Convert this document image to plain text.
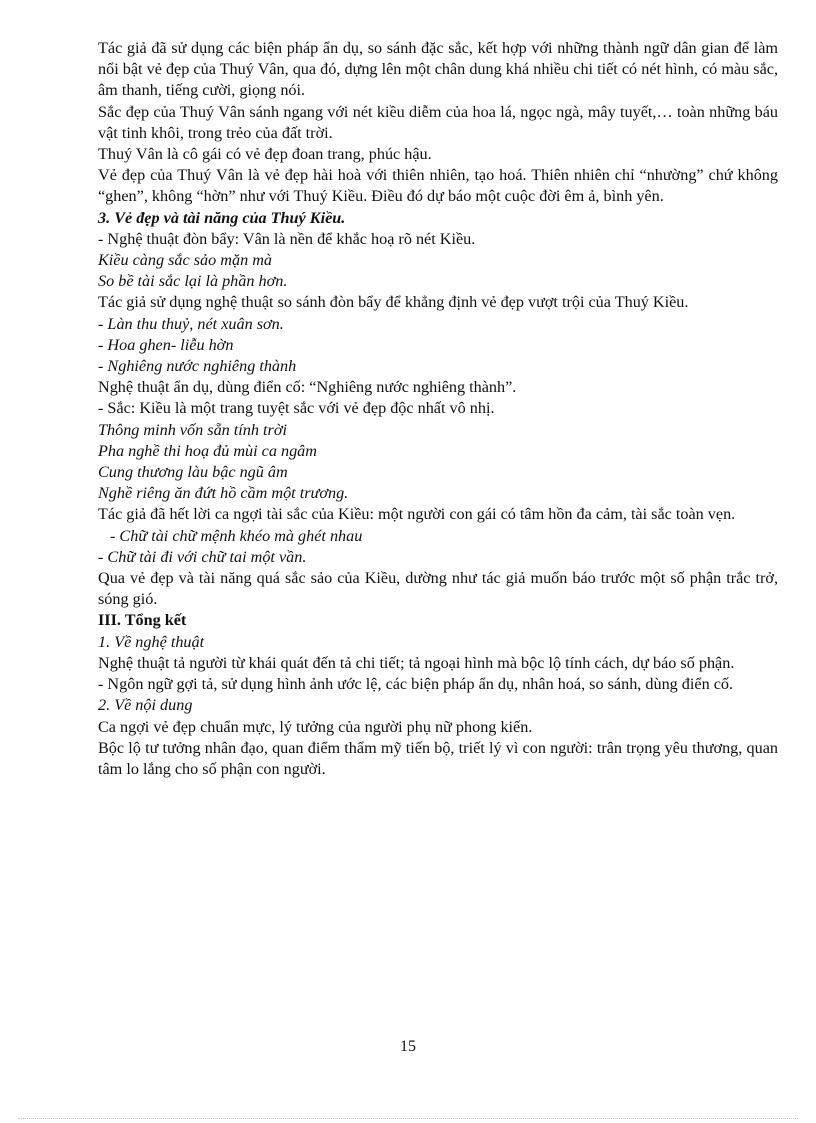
Tác giả đã sử dụng các biện pháp ẩn dụ, so sánh đặc sắc, kết hợp với những thành ngữ dân gian để làm nổi bật vẻ đẹp của Thuý Vân, qua đó, dựng lên một chân dung khá nhiều chi tiết có nét hình, có màu sắc, âm thanh, tiếng cười, giọng nói.

Sắc đẹp của Thuý Vân sánh ngang với nét kiều diễm của hoa lá, ngọc ngà, mây tuyết,… toàn những báu vật tinh khôi, trong trẻo của đất trời.

Thuý Vân là cô gái có vẻ đẹp đoan trang, phúc hậu.

Vẻ đẹp của Thuý Vân là vẻ đẹp hài hoà với thiên nhiên, tạo hoá. Thiên nhiên chỉ “nhường” chứ không “ghen”, không “hờn” như với Thuý Kiều. Điều đó dự báo một cuộc đời êm ả, bình yên.

3. Vẻ đẹp và tài năng của Thuý Kiều.

- Nghệ thuật đòn bẩy: Vân là nền để khắc hoạ rõ nét Kiều.

Kiều càng sắc sảo mặn mà

So bề tài sắc lại là phần hơn.

Tác giả sử dụng nghệ thuật so sánh đòn bẩy để khẳng định vẻ đẹp vượt trội của Thuý Kiều.

- Làn thu thuỷ, nét xuân sơn.

- Hoa ghen- liễu hờn

- Nghiêng nước nghiêng thành

Nghệ thuật ẩn dụ, dùng điển cố: “Nghiêng nước nghiêng thành”.

- Sắc: Kiều là một trang tuyệt sắc với vẻ đẹp độc nhất vô nhị.

Thông minh vốn sẵn tính trời

Pha nghề thi hoạ đủ mùi ca ngâm

Cung thương làu bậc ngũ âm

Nghề riêng ăn đứt hồ cầm một trương.

Tác giả đã hết lời ca ngợi tài sắc của Kiều: một người con gái có tâm hồn đa cảm, tài sắc toàn vẹn.

- Chữ tài chữ mệnh khéo mà ghét nhau

- Chữ tài đi với chữ tai một vần.

Qua vẻ đẹp và tài năng quá sắc sảo của Kiều, dường như tác giả muốn báo trước một số phận trắc trở, sóng gió.

III. Tổng kết

1. Về nghệ thuật

Nghệ thuật tả người từ khái quát đến tả chi tiết; tả ngoại hình mà bộc lộ tính cách, dự báo số phận.

- Ngôn ngữ gợi tả, sử dụng hình ảnh ước lệ, các biện pháp ẩn dụ, nhân hoá, so sánh, dùng điển cố.

2. Về nội dung

Ca ngợi vẻ đẹp chuẩn mực, lý tưởng của người phụ nữ phong kiến.

Bộc lộ tư tưởng nhân đạo, quan điểm thẩm mỹ tiến bộ, triết lý vì con người: trân trọng yêu thương, quan tâm lo lắng cho số phận con người.

15
